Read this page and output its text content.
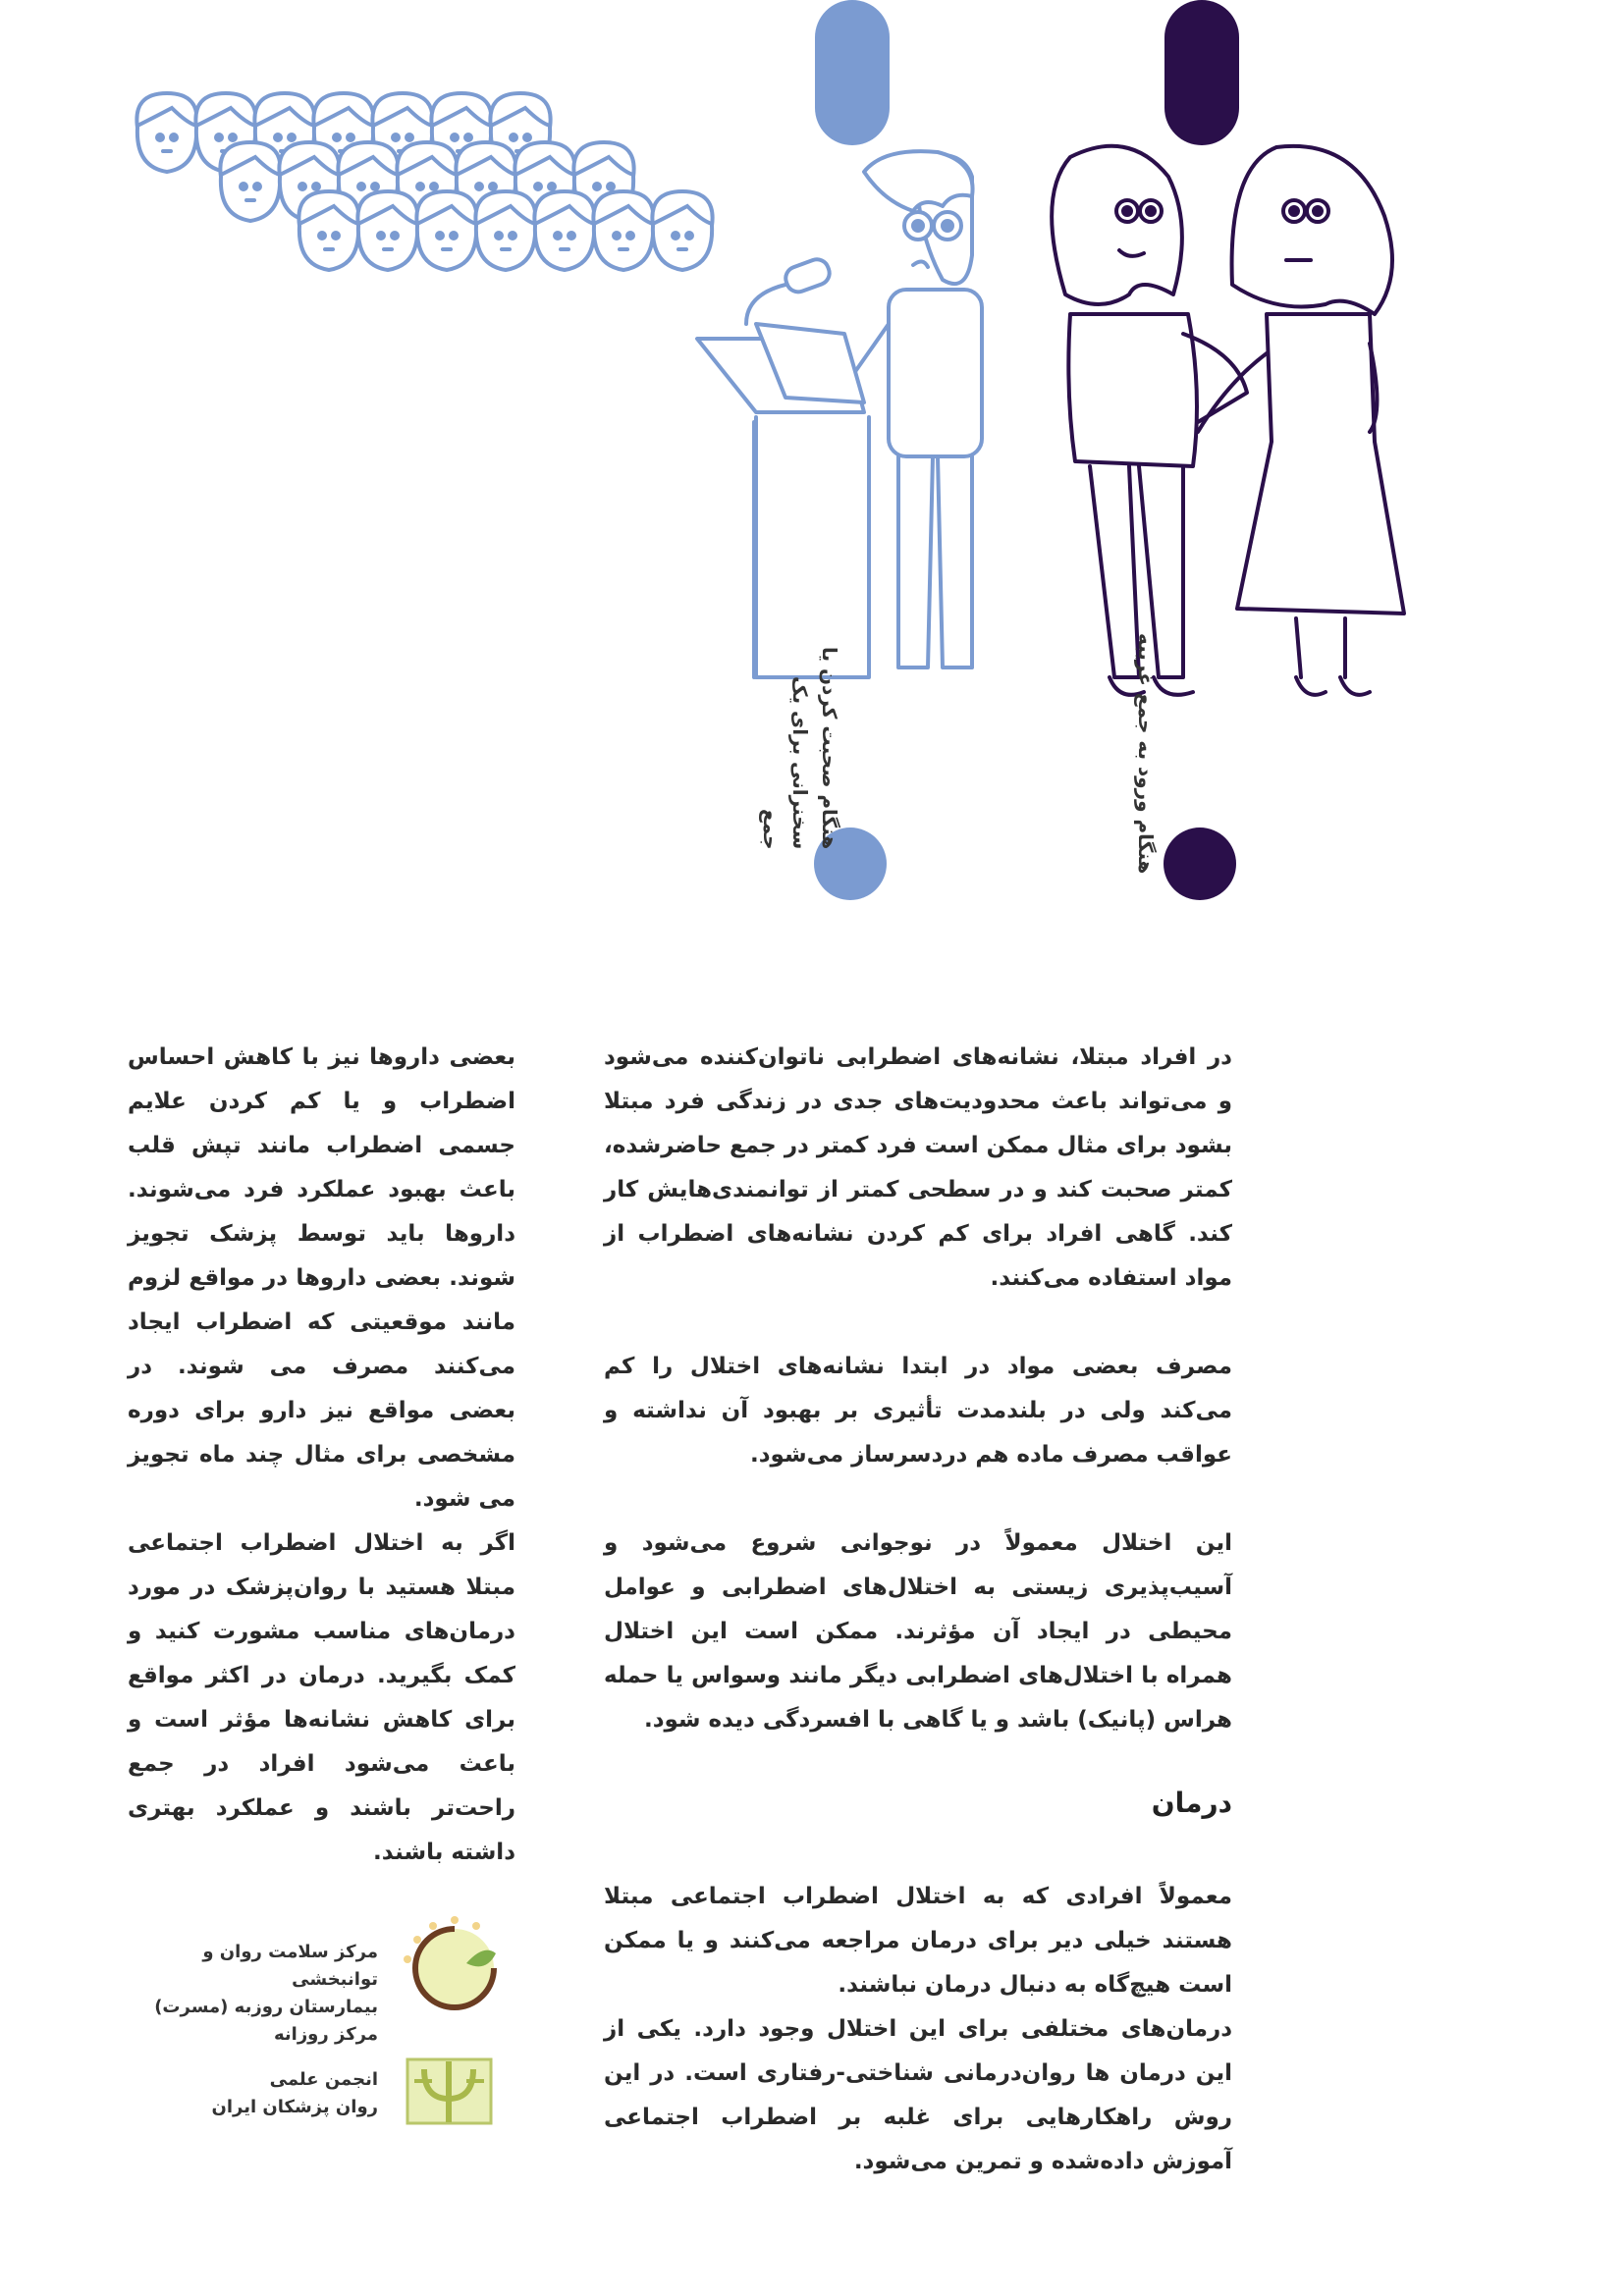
هنگام صحبت کردن یا سخنرانی برای یک جمع	هنگام ورود به جمع غریبه

در افراد مبتلا، نشانه‌های اضطرابی ناتوان‌کننده می‌شود و می‌تواند باعث محدودیت‌های جدی در زندگی فرد مبتلا بشود برای مثال ممکن است فرد کمتر در جمع حاضرشده، کمتر صحبت کند و در سطحی کمتر از توانمندی‌هایش کار کند. گاهی افراد برای کم کردن نشانه‌های اضطراب از مواد استفاده می‌کنند.

مصرف بعضی مواد در ابتدا نشانه‌های اختلال را کم می‌کند ولی در بلندمدت تأثیری بر بهبود آن نداشته و عواقب مصرف ماده هم دردسرساز می‌شود.

این اختلال معمولاً در نوجوانی شروع می‌شود و آسیب‌پذیری زیستی به اختلال‌های اضطرابی و عوامل محیطی در ایجاد آن مؤثرند. ممکن است این اختلال همراه با اختلال‌های اضطرابی دیگر مانند وسواس یا حمله هراس (پانیک) باشد و یا گاهی با افسردگی دیده شود.

درمان

معمولاً افرادی که به اختلال اضطراب اجتماعی مبتلا هستند خیلی دیر برای درمان مراجعه می‌کنند و یا ممکن است هیچ‌گاه به دنبال درمان نباشند.

درمان‌های مختلفی برای این اختلال وجود دارد. یکی از این درمان ها روان‌درمانی شناختی-رفتاری است. در این روش راهکارهایی برای غلبه بر اضطراب اجتماعی آموزش داده‌شده و تمرین می‌شود.

بعضی داروها نیز با کاهش احساس اضطراب و یا کم کردن علایم جسمی اضطراب مانند تپش قلب باعث بهبود عملکرد فرد می‌شوند. داروها باید توسط پزشک تجویز شوند. بعضی داروها در مواقع لزوم مانند موقعیتی که اضطراب ایجاد می‌کنند مصرف می شوند. در بعضی مواقع نیز دارو برای دوره مشخصی برای مثال چند ماه تجویز می شود.

اگر به اختلال اضطراب اجتماعی مبتلا هستید با روان‌پزشک در مورد درمان‌های مناسب مشورت کنید و کمک بگیرید. درمان در اکثر مواقع برای کاهش نشانه‌ها مؤثر است و باعث می‌شود افراد در جمع راحت‌تر باشند و عملکرد بهتری داشته باشند.

مرکز سلامت روان و توانبخشی
بیمارستان روزبه (مسرت)
مرکز روزانه
انجمن علمی
روان پزشکان ایران
